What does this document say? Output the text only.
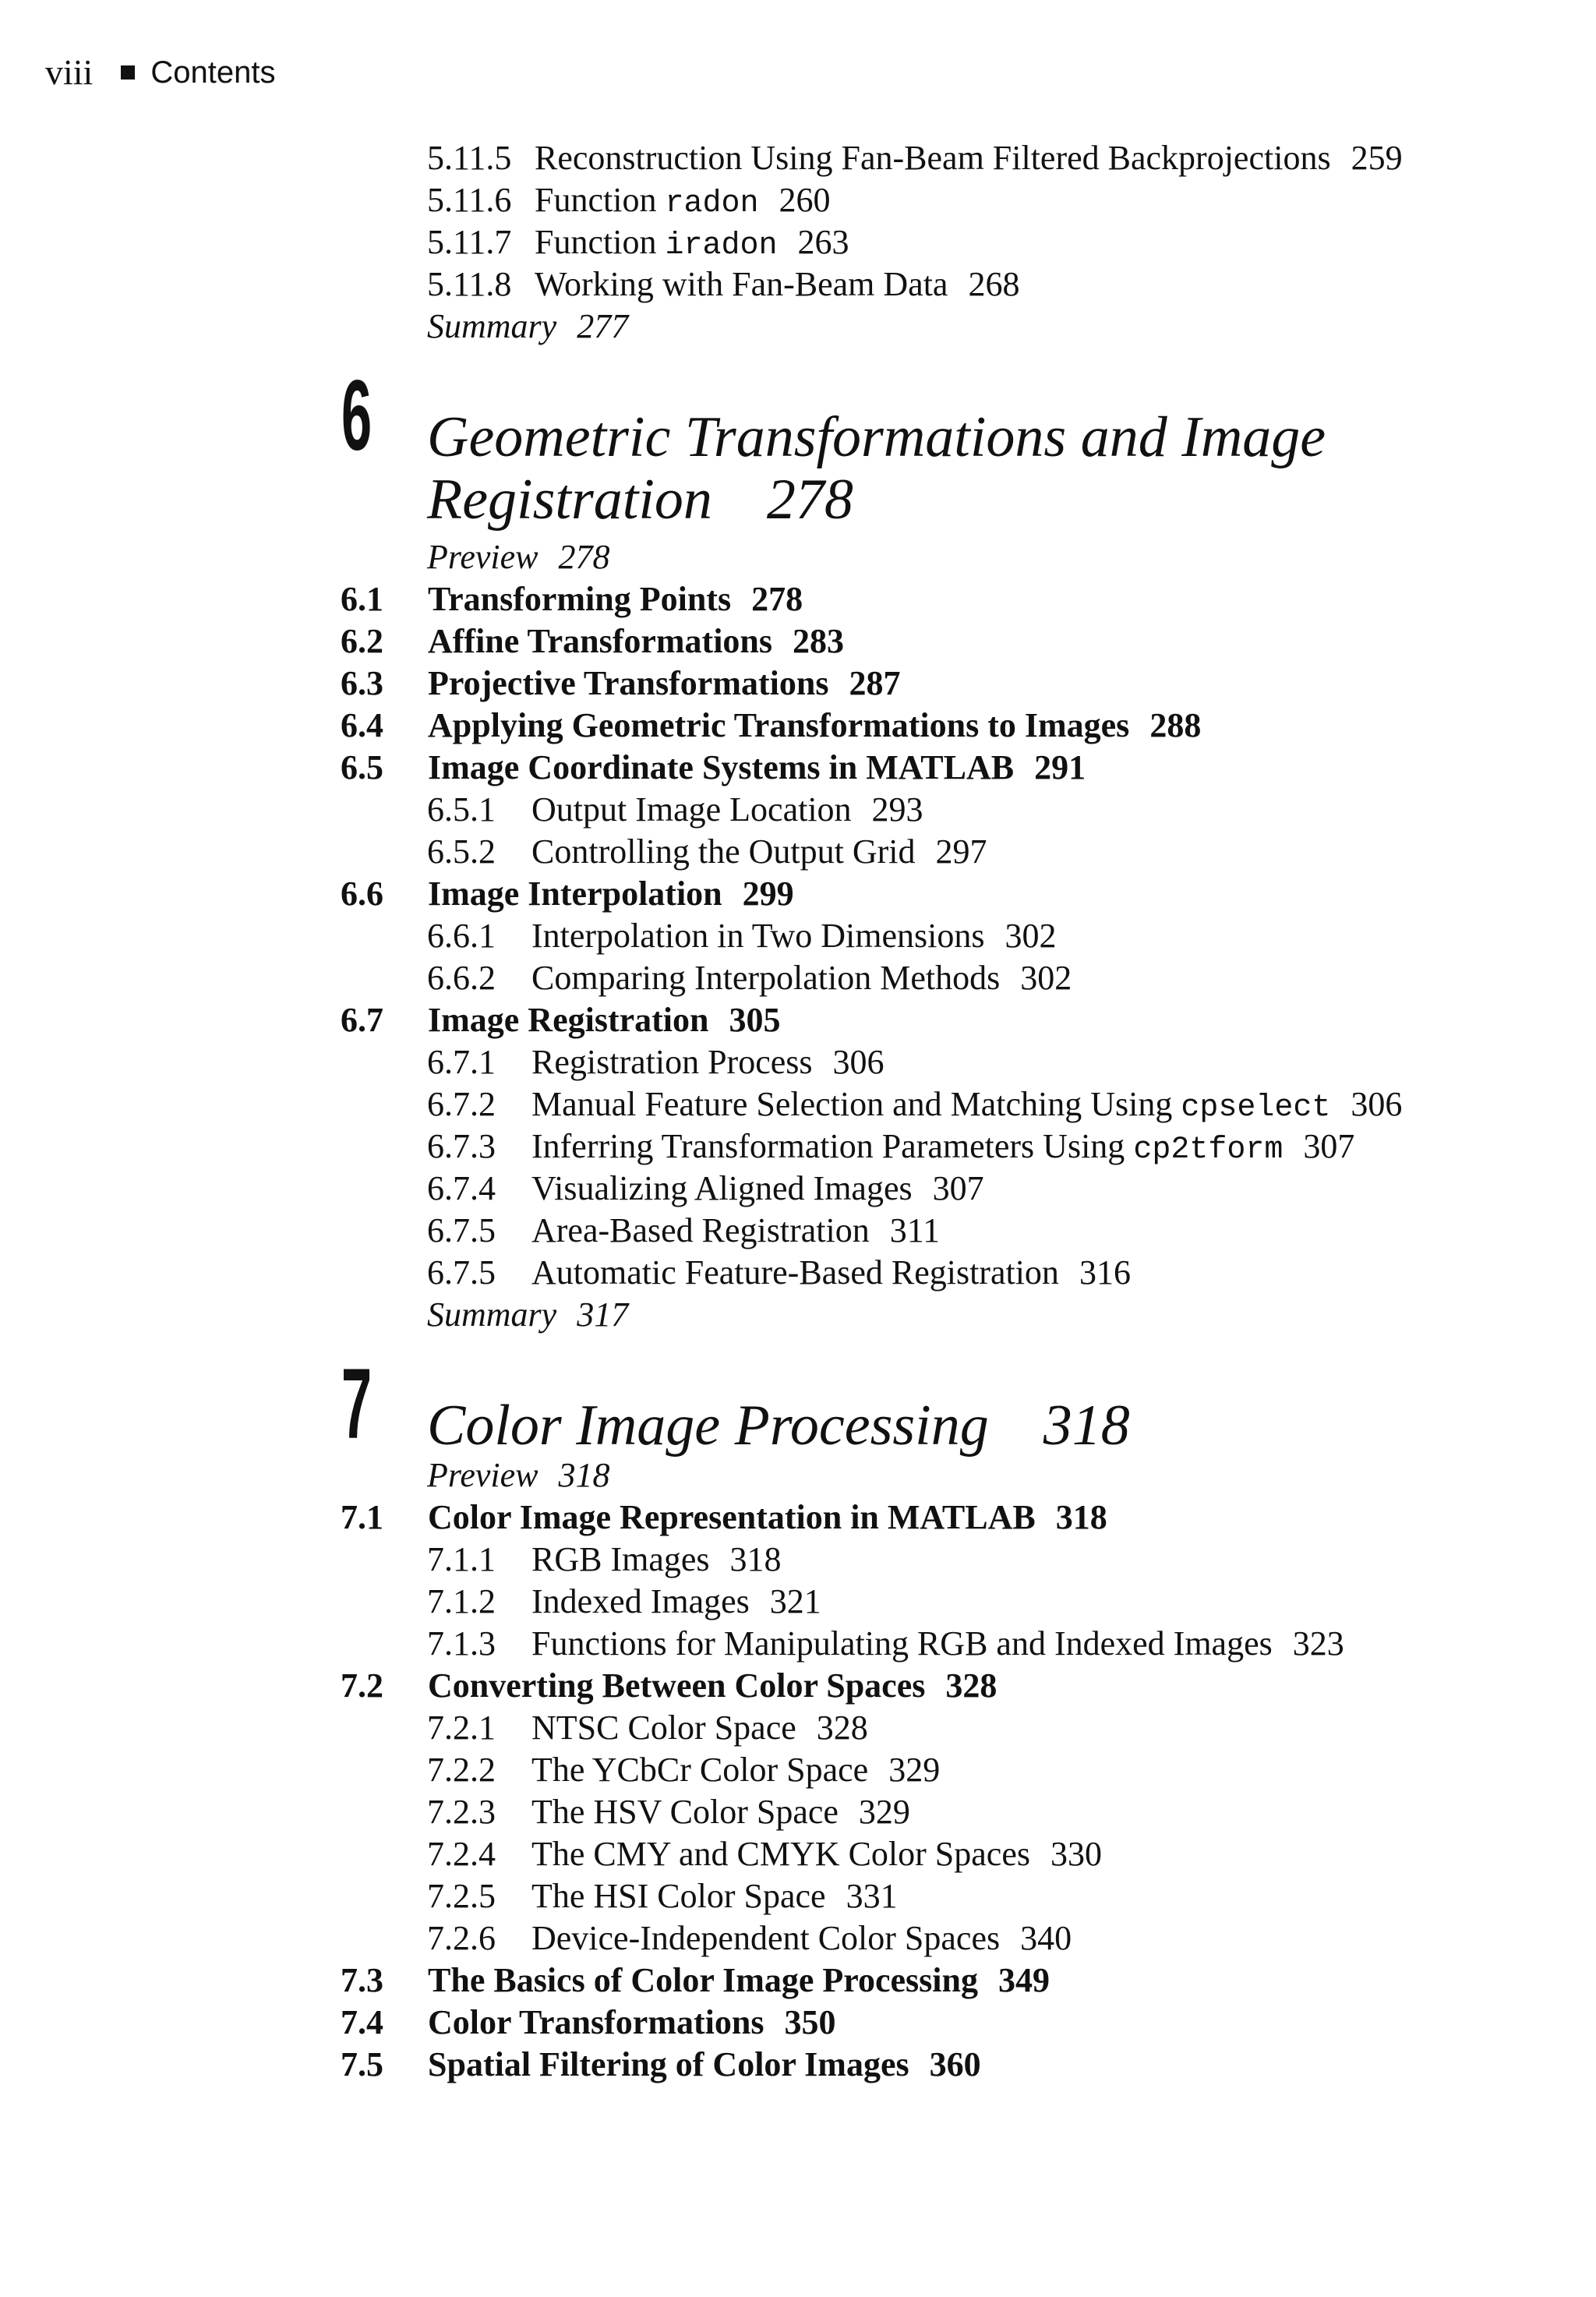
viii Contents
5.11.5 Reconstruction Using Fan-Beam Filtered Backprojections 259
5.11.6 Function radon 260
5.11.7 Function iradon 263
5.11.8 Working with Fan-Beam Data 268
Summary 277
6 Geometric Transformations and Image
Registration 278
Preview 278
6.1 Transforming Points 278
6.2 Affine Transformations 283
6.3 Projective Transformations 287
6.4 Applying Geometric Transformations to Images 288
6.5 Image Coordinate Systems in MATLAB 291
6.5.1 Output Image Location 293
6.5.2 Controlling the Output Grid 297
6.6 Image Interpolation 299
6.6.1 Interpolation in Two Dimensions 302
6.6.2 Comparing Interpolation Methods 302
6.7 Image Registration 305
6.7.1 Registration Process 306
6.7.2 Manual Feature Selection and Matching Using cpselect 306
6.7.3 Inferring Transformation Parameters Using cp2tform 307
6.7.4 Visualizing Aligned Images 307
6.7.5 Area-Based Registration 311
6.7.5 Automatic Feature-Based Registration 316
Summary 317
7 Color Image Processing 318
Preview 318
7.1 Color Image Representation in MATLAB 318
7.1.1 RGB Images 318
7.1.2 Indexed Images 321
7.1.3 Functions for Manipulating RGB and Indexed Images 323
7.2 Converting Between Color Spaces 328
7.2.1 NTSC Color Space 328
7.2.2 The YCbCr Color Space 329
7.2.3 The HSV Color Space 329
7.2.4 The CMY and CMYK Color Spaces 330
7.2.5 The HSI Color Space 331
7.2.6 Device-Independent Color Spaces 340
7.3 The Basics of Color Image Processing 349
7.4 Color Transformations 350
7.5 Spatial Filtering of Color Images 360
